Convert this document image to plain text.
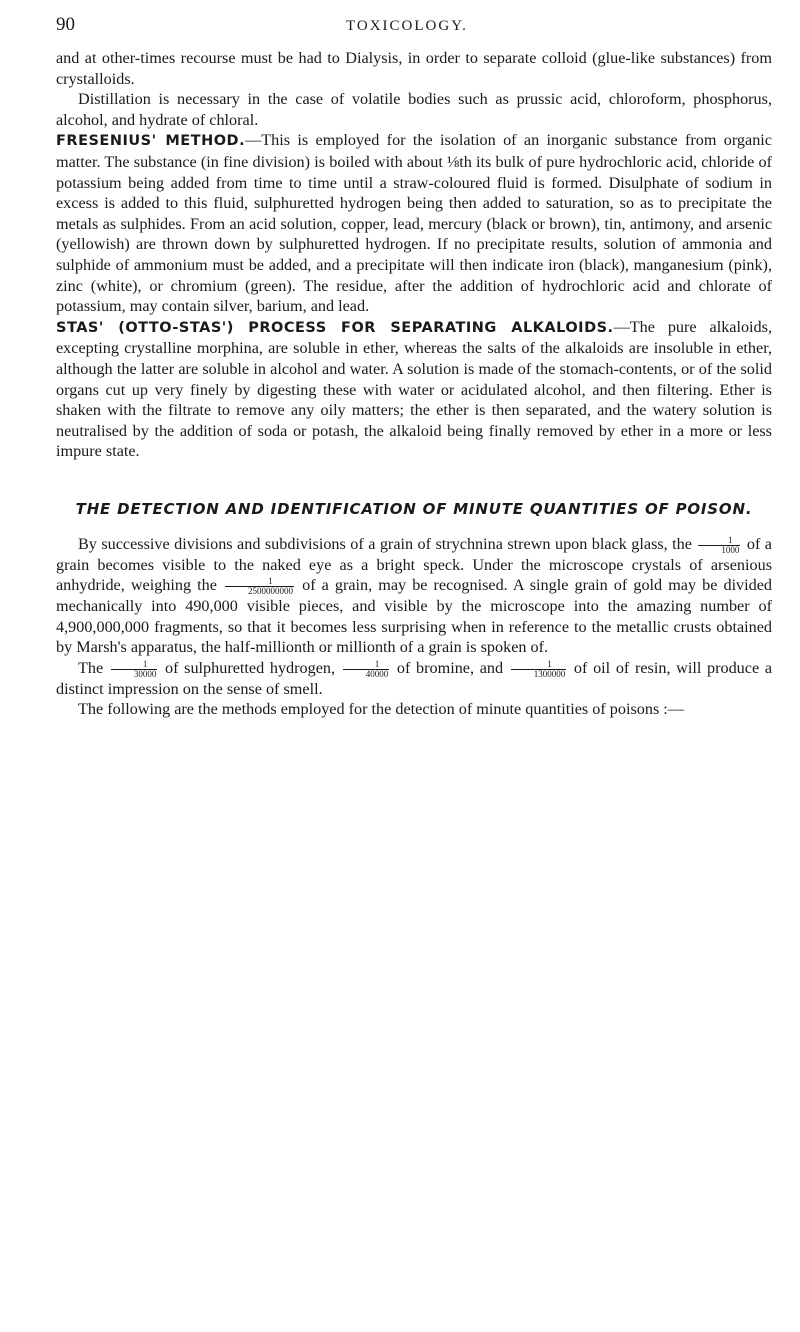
90	TOXICOLOGY.

and at other-times recourse must be had to Dialysis, in order to separate colloid (glue-like substances) from crystalloids.

Distillation is necessary in the case of volatile bodies such as prussic acid, chloroform, phosphorus, alcohol, and hydrate of chloral.

FRESENIUS' METHOD.—This is employed for the isolation of an inorganic substance from organic matter. The substance (in fine division) is boiled with about ⅛th its bulk of pure hydrochloric acid, chloride of potassium being added from time to time until a straw-coloured fluid is formed. Disulphate of sodium in excess is added to this fluid, sulphuretted hydrogen being then added to saturation, so as to precipitate the metals as sulphides. From an acid solution, copper, lead, mercury (black or brown), tin, antimony, and arsenic (yellowish) are thrown down by sulphuretted hydrogen. If no precipitate results, solution of ammonia and sulphide of ammonium must be added, and a precipitate will then indicate iron (black), manganesium (pink), zinc (white), or chromium (green). The residue, after the addition of hydrochloric acid and chlorate of potassium, may contain silver, barium, and lead.

STAS' (OTTO-STAS') PROCESS FOR SEPARATING ALKALOIDS.—The pure alkaloids, excepting crystalline morphina, are soluble in ether, whereas the salts of the alkaloids are insoluble in ether, although the latter are soluble in alcohol and water. A solution is made of the stomach-contents, or of the solid organs cut up very finely by digesting these with water or acidulated alcohol, and then filtering. Ether is shaken with the filtrate to remove any oily matters; the ether is then separated, and the watery solution is neutralised by the addition of soda or potash, the alkaloid being finally removed by ether in a more or less impure state.

THE DETECTION AND IDENTIFICATION OF MINUTE QUANTITIES OF POISON.

By successive divisions and subdivisions of a grain of strychnina strewn upon black glass, the $\frac{1}{1000}$ of a grain becomes visible to the naked eye as a bright speck. Under the microscope crystals of arsenious anhydride, weighing the $\frac{1}{2500000000}$ of a grain, may be recognised. A single grain of gold may be divided mechanically into 490,000 visible pieces, and visible by the microscope into the amazing number of 4,900,000,000 fragments, so that it becomes less surprising when in reference to the metallic crusts obtained by Marsh's apparatus, the half-millionth or millionth of a grain is spoken of.

The $\frac{1}{30000}$ of sulphuretted hydrogen, $\frac{1}{40000}$ of bromine, and $\frac{1}{1300000}$ of oil of resin, will produce a distinct impression on the sense of smell.

The following are the methods employed for the detection of minute quantities of poisons :—
